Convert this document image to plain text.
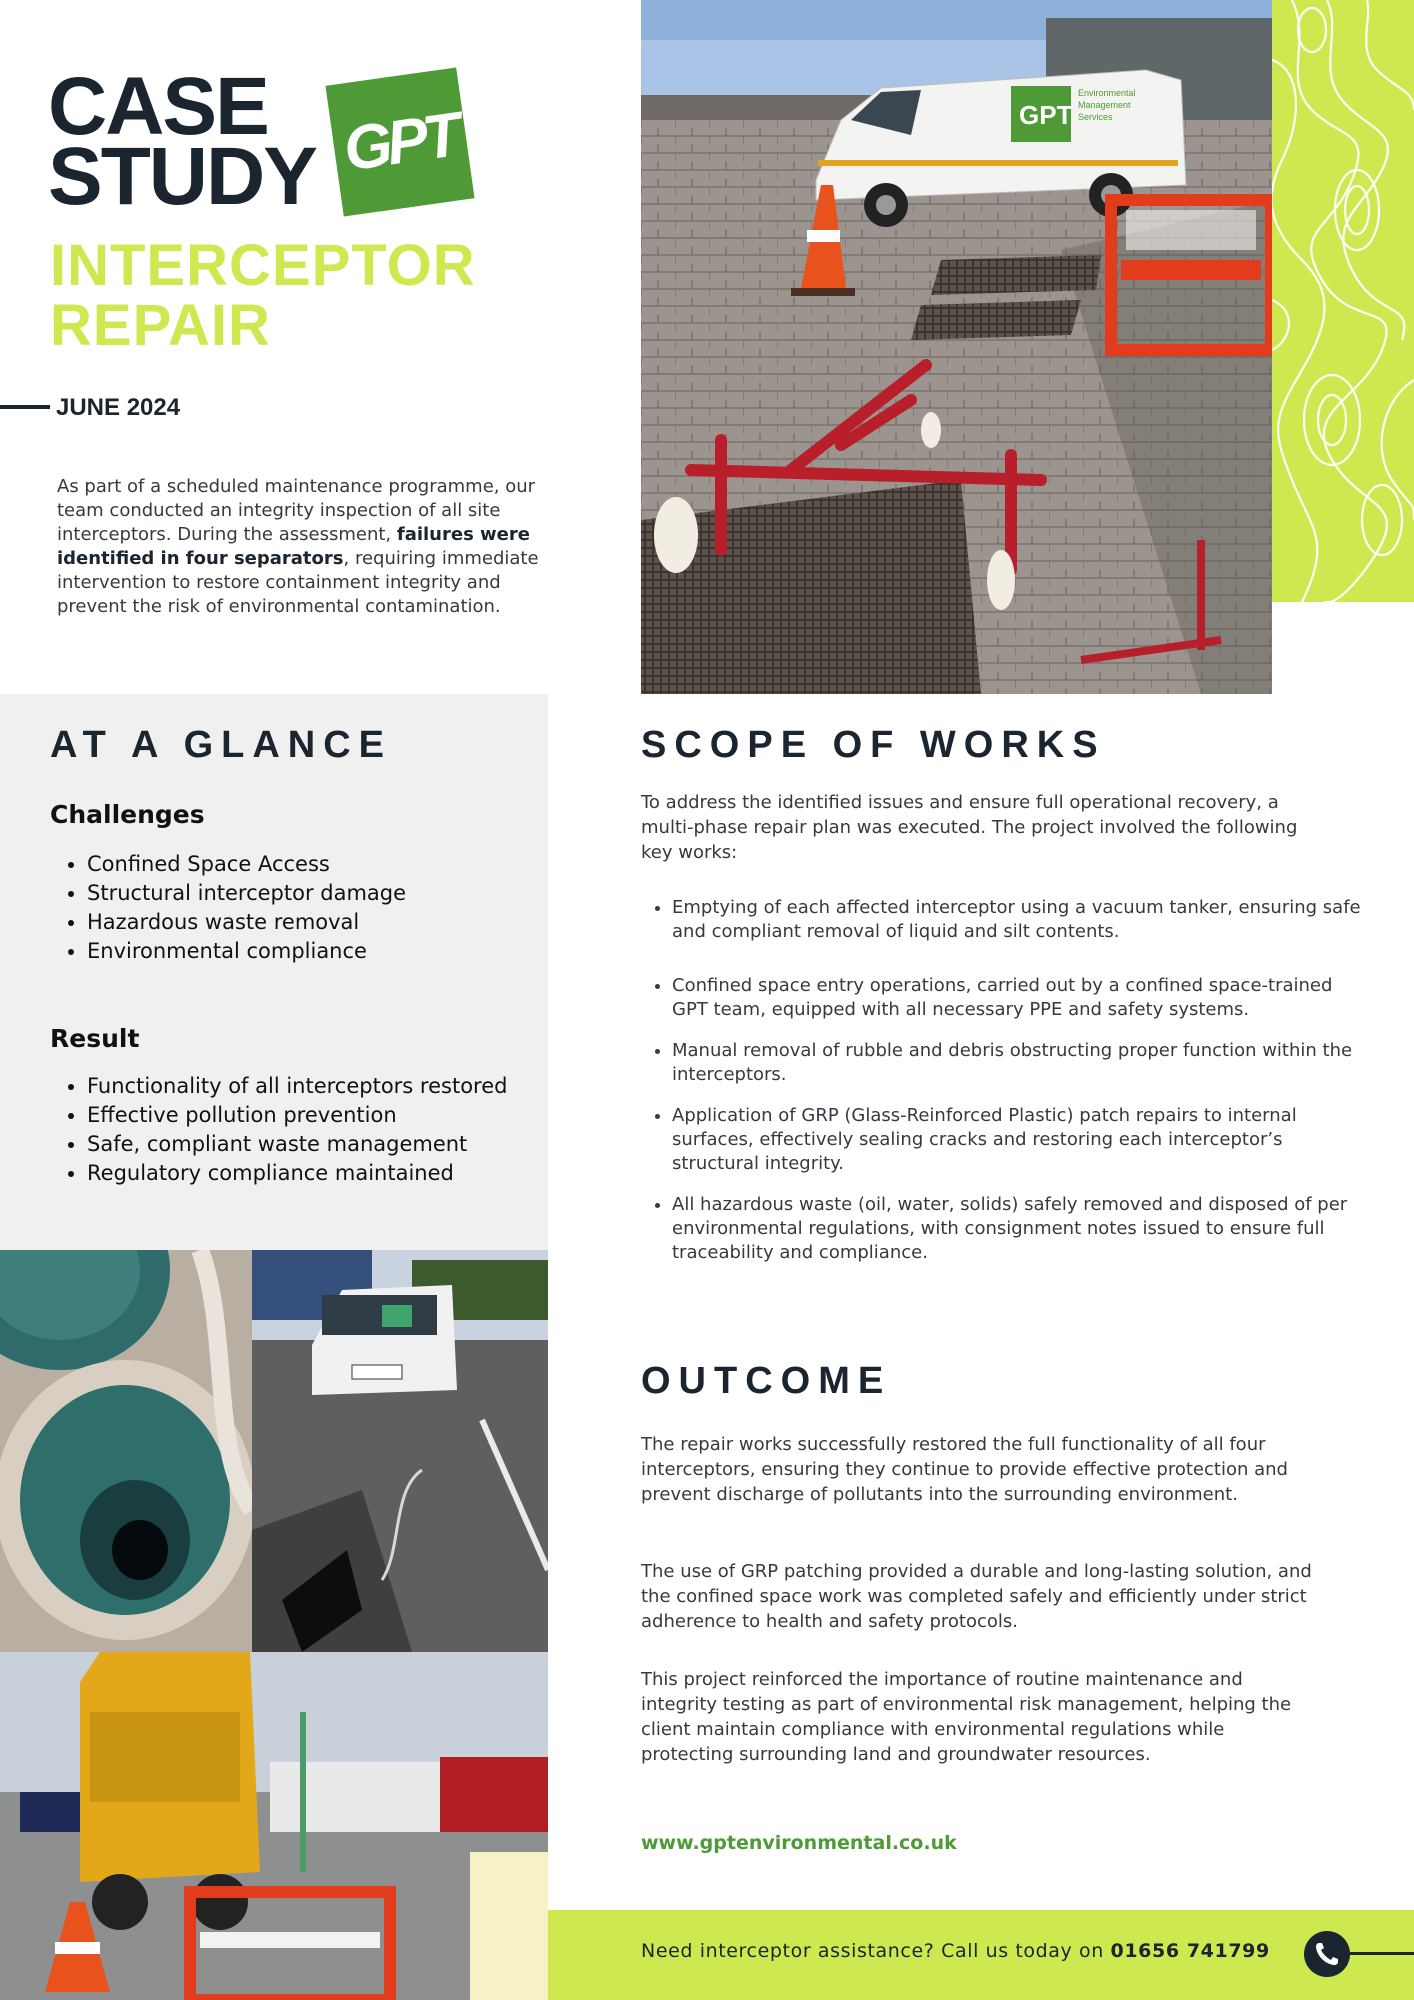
CASE
STUDY GPT
INTERCEPTOR
REPAIR
JUNE 2024

As part of a scheduled maintenance programme, our team conducted an integrity inspection of all site interceptors. During the assessment, failures were identified in four separators, requiring immediate intervention to restore containment integrity and prevent the risk of environmental contamination.

GPT
Environmental
Management
Services
AT A GLANCE
Challenges
• Confined Space Access
• Structural interceptor damage
• Hazardous waste removal
• Environmental compliance
Result
• Functionality of all interceptors restored
• Effective pollution prevention
• Safe, compliant waste management
• Regulatory compliance maintained
SCOPE OF WORKS

To address the identified issues and ensure full operational recovery, a multi-phase repair plan was executed. The project involved the following key works:

• Emptying of each affected interceptor using a vacuum tanker, ensuring safe and compliant removal of liquid and silt contents.
• Confined space entry operations, carried out by a confined space-trained GPT team, equipped with all necessary PPE and safety systems.
• Manual removal of rubble and debris obstructing proper function within the interceptors.
• Application of GRP (Glass-Reinforced Plastic) patch repairs to internal surfaces, effectively sealing cracks and restoring each interceptor’s structural integrity.
• All hazardous waste (oil, water, solids) safely removed and disposed of per environmental regulations, with consignment notes issued to ensure full traceability and compliance.
OUTCOME

The repair works successfully restored the full functionality of all four interceptors, ensuring they continue to provide effective protection and prevent discharge of pollutants into the surrounding environment.

The use of GRP patching provided a durable and long-lasting solution, and the confined space work was completed safely and efficiently under strict adherence to health and safety protocols.

This project reinforced the importance of routine maintenance and integrity testing as part of environmental risk management, helping the client maintain compliance with environmental regulations while protecting surrounding land and groundwater resources.

www.gptenvironmental.co.uk
Need interceptor assistance? Call us today on 01656 741799
